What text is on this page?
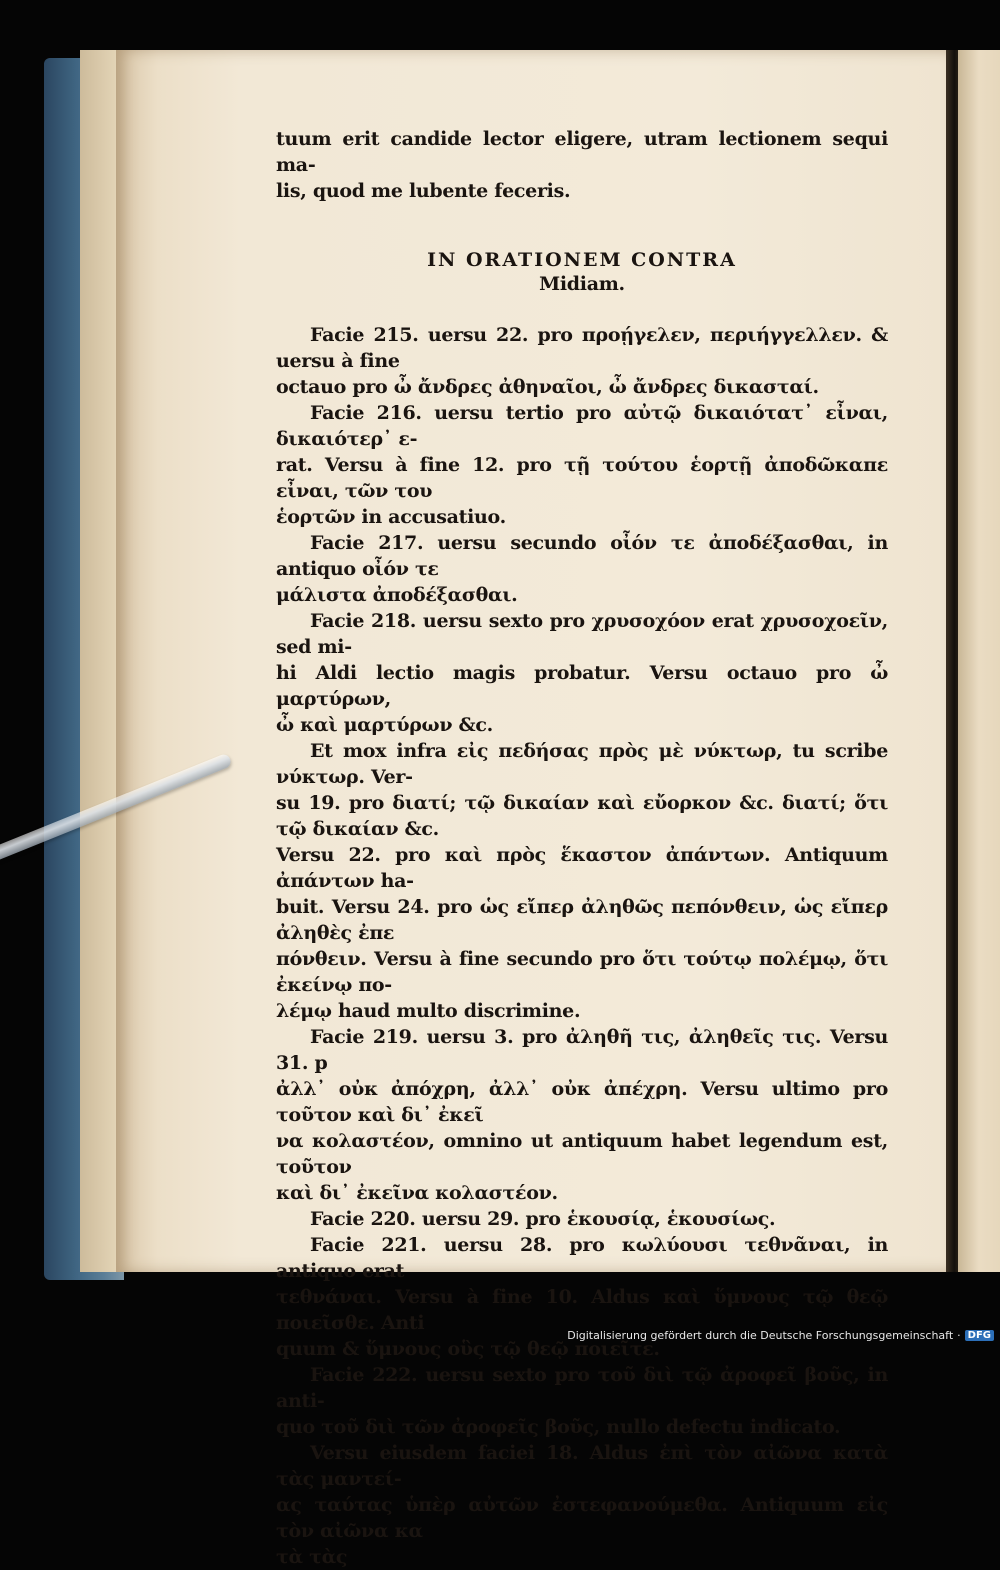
tuum erit candide lector eligere, utram lectionem sequi ma-

lis, quod me lubente feceris.

IN ORATIONEM CONTRA
Midiam.

Facie 215. uersu 22. pro προῄγελεν, περιήγγελλεν. & uersu à fine

octauo pro ὦ ἄνδρες ἀθηναῖοι, ὦ ἄνδρες δικασταί.

Facie 216. uersu tertio pro αὐτῷ δικαιότατ᾽ εἶναι, δικαιότερ᾽ ε-

rat. Versu à fine 12. pro τῇ τούτου ἑορτῇ ἀποδῶκαπε εἶναι, τῶν του

ἑορτῶν in accusatiuo.

Facie 217. uersu secundo οἶόν τε ἀποδέξασθαι, in antiquo οἶόν τε

μάλιστα ἀποδέξασθαι.

Facie 218. uersu sexto pro χρυσοχόον erat χρυσοχοεῖν, sed mi-

hi Aldi lectio magis probatur. Versu octauo pro ὦ μαρτύρων,

ὦ καὶ μαρτύρων &c.

Et mox infra εἰς πεδήσας πρὸς μὲ νύκτωρ, tu scribe νύκτωρ. Ver-

su 19. pro διατί; τῷ δικαίαν καὶ εὔορκον &c. διατί; ὅτι τῷ δικαίαν &c.

Versu 22. pro καὶ πρὸς ἕκαστον ἀπάντων. Antiquum ἀπάντων ha-

buit. Versu 24. pro ὡς εἴπερ ἀληθῶς πεπόνθειν, ὡς εἴπερ ἀληθὲς ἐπε

πόνθειν. Versu à fine secundo pro ὅτι τούτῳ πολέμῳ, ὅτι ἐκείνῳ πο-

λέμῳ haud multo discrimine.

Facie 219. uersu 3. pro ἀληθῆ τις, ἀληθεῖς τις. Versu 31. p

ἀλλ᾽ οὐκ ἀπόχρη, ἀλλ᾽ οὐκ ἀπέχρη. Versu ultimo pro τοῦτον καὶ δι᾽ ἐκεῖ

να κολαστέον, omnino ut antiquum habet legendum est, τοῦτον

καὶ δι᾽ ἐκεῖνα κολαστέον.

Facie 220. uersu 29. pro ἑκουσίᾳ, ἑκουσίως.

Facie 221. uersu 28. pro κωλύουσι τεθνᾶναι, in antiquo erat

τεθνάναι. Versu à fine 10. Aldus καὶ ὕμνους τῷ θεῷ ποιεῖσθε. Anti

quum & ὕμνους οὓς τῷ θεῷ ποιεῖτε.

Facie 222. uersu sexto pro τοῦ διὶ τῷ ἀροφεῖ βοῦς, in anti-

quo τοῦ διὶ τῶν ἀροφεῖς βοῦς, nullo defectu indicato.

Versu eiusdem faciei 18. Aldus ἐπὶ τὸν αἰῶνα κατὰ τὰς μαντεί-

ας ταύτας ὑπὲρ αὐτῶν ἐστεφανούμεθα. Antiquum εἰς τὸν αἰῶνα κα

τὰ τὰς

Digitalisierung gefördert durch die Deutsche Forschungsgemeinschaft · DFG
